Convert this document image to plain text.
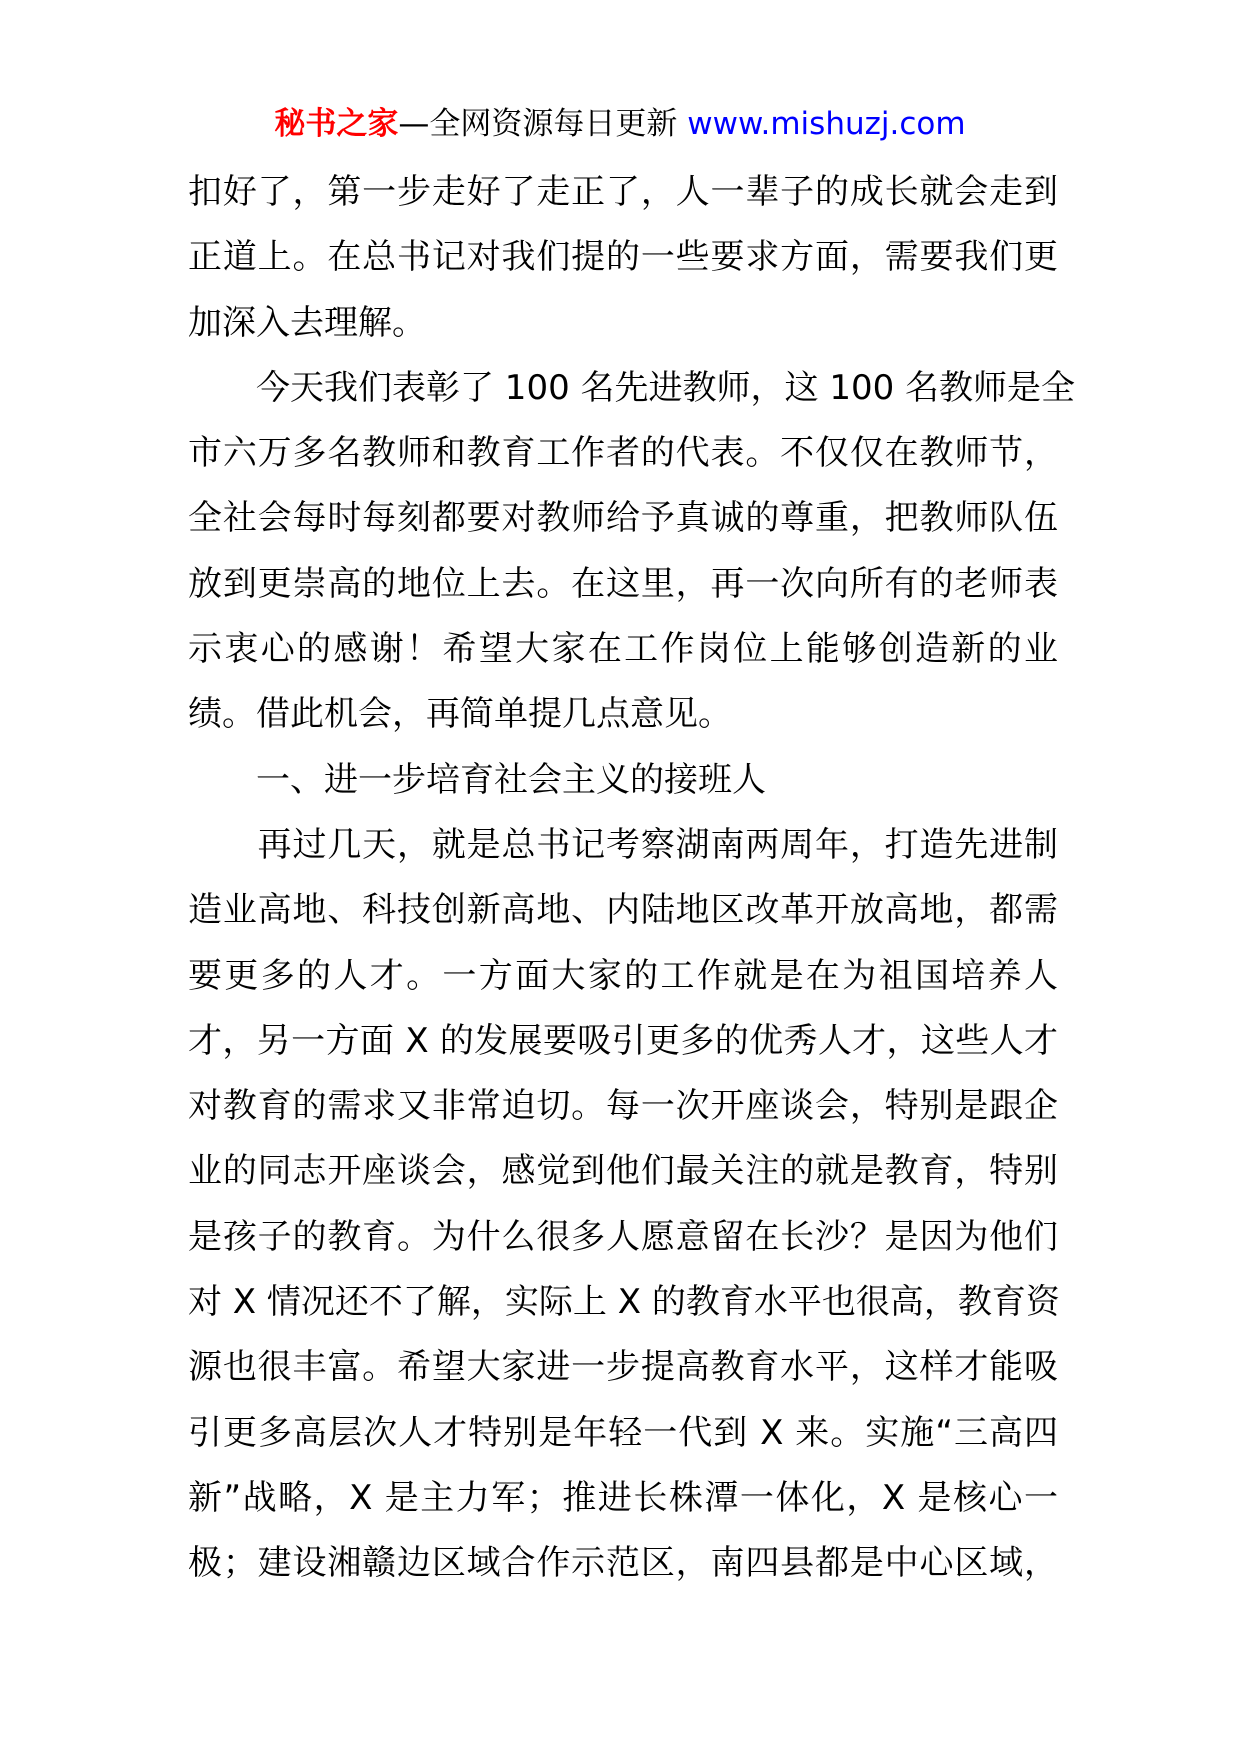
秘书之家—全网资源每日更新 www.mishuzj.com
扣好了，第一步走好了走正了，人一辈子的成长就会走到
正道上。在总书记对我们提的一些要求方面，需要我们更
加深入去理解。
　　今天我们表彰了 100 名先进教师，这 100 名教师是全
市六万多名教师和教育工作者的代表。不仅仅在教师节，
全社会每时每刻都要对教师给予真诚的尊重，把教师队伍
放到更崇高的地位上去。在这里，再一次向所有的老师表
示衷心的感谢！希望大家在工作岗位上能够创造新的业
绩。借此机会，再简单提几点意见。
　　一、进一步培育社会主义的接班人
　　再过几天，就是总书记考察湖南两周年，打造先进制
造业高地、科技创新高地、内陆地区改革开放高地，都需
要更多的人才。一方面大家的工作就是在为祖国培养人
才，另一方面 X 的发展要吸引更多的优秀人才，这些人才
对教育的需求又非常迫切。每一次开座谈会，特别是跟企
业的同志开座谈会，感觉到他们最关注的就是教育，特别
是孩子的教育。为什么很多人愿意留在长沙？是因为他们
对 X 情况还不了解，实际上 X 的教育水平也很高，教育资
源也很丰富。希望大家进一步提高教育水平，这样才能吸
引更多高层次人才特别是年轻一代到 X 来。实施“三高四
新”战略，X 是主力军；推进长株潭一体化，X 是核心一
极；建设湘赣边区域合作示范区，南四县都是中心区域，
